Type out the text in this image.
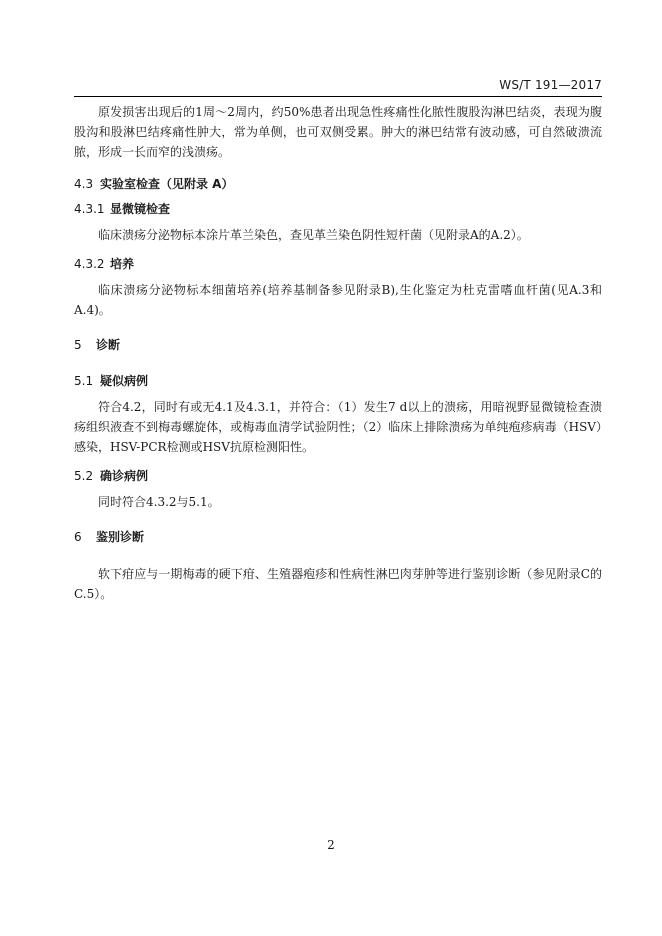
WS/T 191—2017

原发损害出现后的1周～2周内，约50%患者出现急性疼痛性化脓性腹股沟淋巴结炎，表现为腹股沟和股淋巴结疼痛性肿大，常为单侧，也可双侧受累。肿大的淋巴结常有波动感，可自然破溃流脓，形成一长而窄的浅溃疡。

4.3 实验室检查（见附录 A）

4.3.1 显微镜检查

临床溃疡分泌物标本涂片革兰染色，查见革兰染色阴性短杆菌（见附录A的A.2）。

4.3.2 培养

临床溃疡分泌物标本细菌培养(培养基制备参见附录B),生化鉴定为杜克雷嗜血杆菌(见A.3和A.4)。

5 诊断

5.1 疑似病例

符合4.2，同时有或无4.1及4.3.1，并符合：（1）发生7 d以上的溃疡，用暗视野显微镜检查溃疡组织液查不到梅毒螺旋体，或梅毒血清学试验阴性；（2）临床上排除溃疡为单纯疱疹病毒（HSV）感染，HSV-PCR检测或HSV抗原检测阳性。

5.2 确诊病例

同时符合4.3.2与5.1。

6 鉴别诊断

软下疳应与一期梅毒的硬下疳、生殖器疱疹和性病性淋巴肉芽肿等进行鉴别诊断（参见附录C的C.5）。

2
